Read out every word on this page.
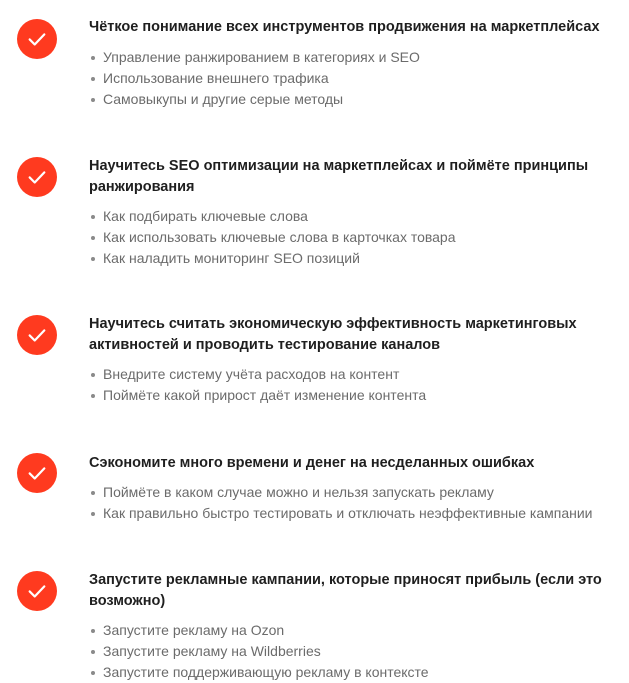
Чёткое понимание всех инструментов продвижения на маркетплейсах

Управление ранжированием в категориях и SEO
Использование внешнего трафика
Самовыкупы и другие серые методы

Научитесь SEO оптимизации на маркетплейсах и поймёте принципы ранжирования

Как подбирать ключевые слова
Как использовать ключевые слова в карточках товара
Как наладить мониторинг SEO позиций

Научитесь считать экономическую эффективность маркетинговых активностей и проводить тестирование каналов

Внедрите систему учёта расходов на контент
Поймёте какой прирост даёт изменение контента

Сэкономите много времени и денег на несделанных ошибках

Поймёте в каком случае можно и нельзя запускать рекламу
Как правильно быстро тестировать и отключать неэффективные кампании

Запустите рекламные кампании, которые приносят прибыль (если это возможно)

Запустите рекламу на Ozon
Запустите рекламу на Wildberries
Запустите поддерживающую рекламу в контексте
